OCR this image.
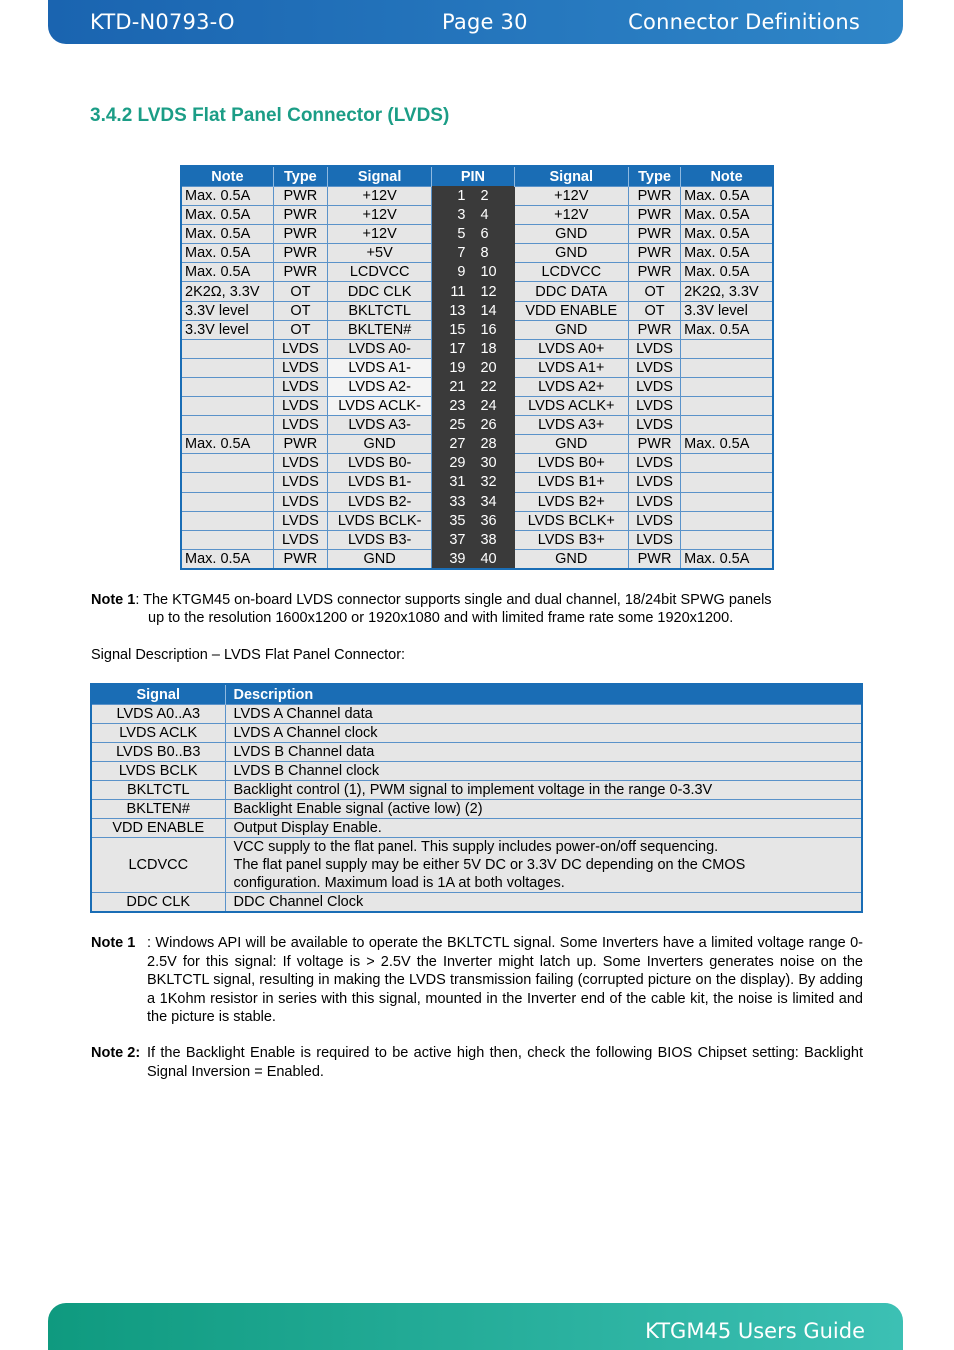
KTD-N0793-O	Page 30	Connector Definitions
3.4.2 LVDS Flat Panel Connector (LVDS)
Note	Type	Signal	PIN		Signal	Type	Note
Max. 0.5A	PWR	+12V	1	2	+12V	PWR	Max. 0.5A
Max. 0.5A	PWR	+12V	3	4	+12V	PWR	Max. 0.5A
Max. 0.5A	PWR	+12V	5	6	GND	PWR	Max. 0.5A
Max. 0.5A	PWR	+5V	7	8	GND	PWR	Max. 0.5A
Max. 0.5A	PWR	LCDVCC	9	10	LCDVCC	PWR	Max. 0.5A
2K2Ω, 3.3V	OT	DDC CLK	11	12	DDC DATA	OT	2K2Ω, 3.3V
3.3V level	OT	BKLTCTL	13	14	VDD ENABLE	OT	3.3V level
3.3V level	OT	BKLTEN#	15	16	GND	PWR	Max. 0.5A
	LVDS	LVDS A0-	17	18	LVDS A0+	LVDS	
	LVDS	LVDS A1-	19	20	LVDS A1+	LVDS	
	LVDS	LVDS A2-	21	22	LVDS A2+	LVDS	
	LVDS	LVDS ACLK-	23	24	LVDS ACLK+	LVDS	
	LVDS	LVDS A3-	25	26	LVDS A3+	LVDS	
Max. 0.5A	PWR	GND	27	28	GND	PWR	Max. 0.5A
	LVDS	LVDS B0-	29	30	LVDS B0+	LVDS	
	LVDS	LVDS B1-	31	32	LVDS B1+	LVDS	
	LVDS	LVDS B2-	33	34	LVDS B2+	LVDS	
	LVDS	LVDS BCLK-	35	36	LVDS BCLK+	LVDS	
	LVDS	LVDS B3-	37	38	LVDS B3+	LVDS	
Max. 0.5A	PWR	GND	39	40	GND	PWR	Max. 0.5A
Note 1: The KTGM45 on-board LVDS connector supports single and dual channel, 18/24bit SPWG panels
up to the resolution 1600x1200 or 1920x1080 and with limited frame rate some 1920x1200.
Signal Description – LVDS Flat Panel Connector:
Signal	Description
LVDS A0..A3	LVDS A Channel data

LVDS ACLK	LVDS A Channel clock

LVDS B0..B3	LVDS B Channel data

LVDS BCLK	LVDS B Channel clock

BKLTCTL	Backlight control (1), PWM signal to implement voltage in the range 0-3.3V

BKLTEN#	Backlight Enable signal (active low) (2)

VDD ENABLE	Output Display Enable.

LCDVCC	VCC supply to the flat panel. This supply includes power-on/off sequencing.
The flat panel supply may be either 5V DC or 3.3V DC depending on the CMOS
configuration. Maximum load is 1A at both voltages.

DDC CLK	DDC Channel Clock
Note 1 : Windows API will be available to operate the BKLTCTL signal. Some Inverters have a limited voltage range 0- 2.5V for this signal: If voltage is > 2.5V the Inverter might latch up. Some Inverters generates noise on the BKLTCTL signal, resulting in making the LVDS transmission failing (corrupted picture on the display). By adding a 1Kohm resistor in series with this signal, mounted in the Inverter end of the cable kit, the noise is limited and the picture is stable.
Note 2: If the Backlight Enable is required to be active high then, check the following BIOS Chipset setting: Backlight Signal Inversion = Enabled.
KTGM45 Users Guide
